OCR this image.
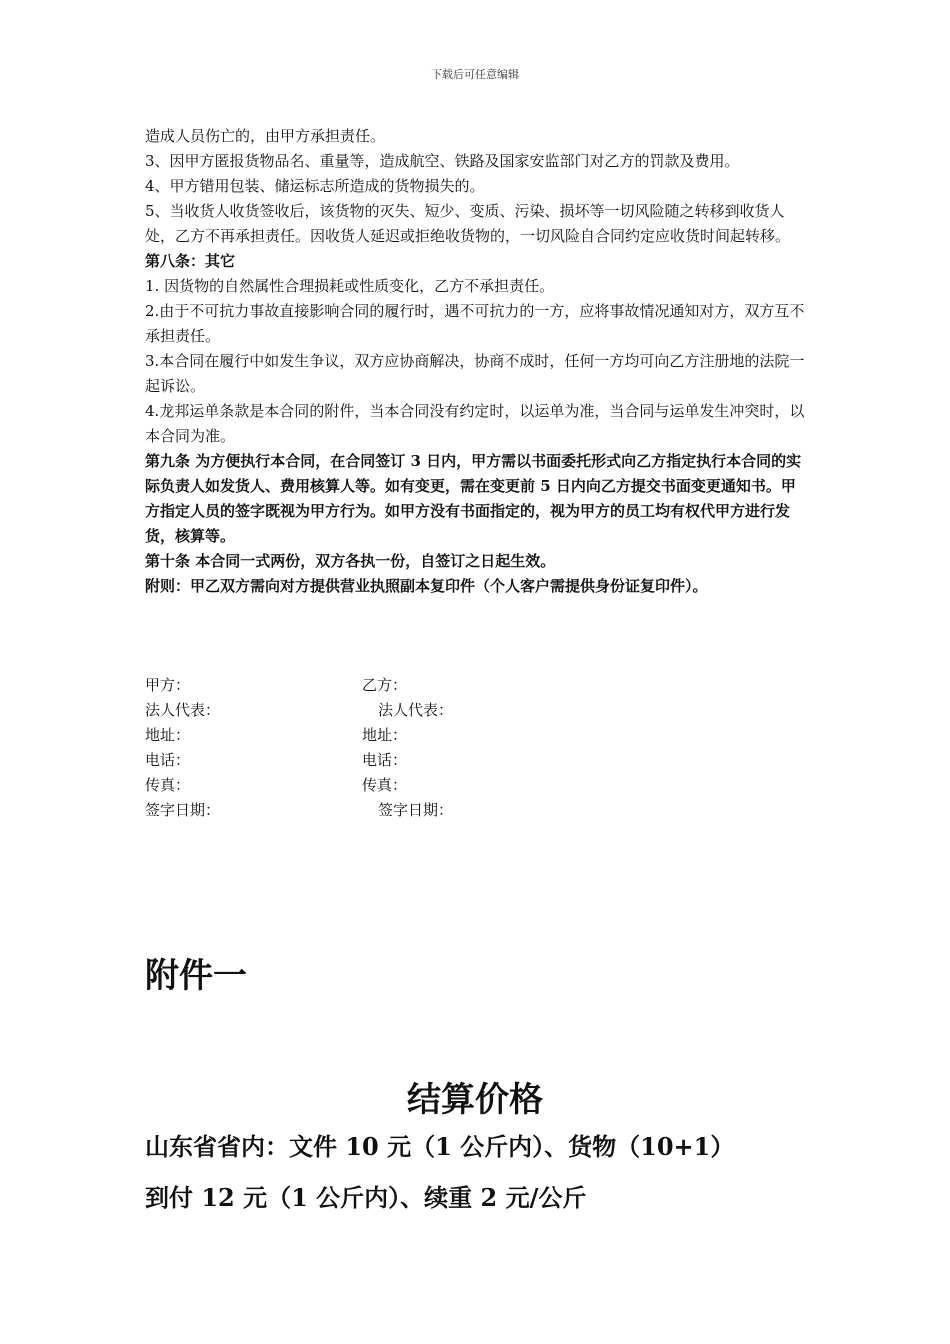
下载后可任意编辑

造成人员伤亡的，由甲方承担责任。

3、因甲方匿报货物品名、重量等，造成航空、铁路及国家安监部门对乙方的罚款及费用。

4、甲方错用包装、储运标志所造成的货物损失的。

5、当收货人收货签收后，该货物的灭失、短少、变质、污染、损坏等一切风险随之转移到收货人处，乙方不再承担责任。因收货人延迟或拒绝收货物的，一切风险自合同约定应收货时间起转移。

第八条：其它

1. 因货物的自然属性合理损耗或性质变化，乙方不承担责任。

2.由于不可抗力事故直接影响合同的履行时，遇不可抗力的一方，应将事故情况通知对方，双方互不承担责任。

3.本合同在履行中如发生争议，双方应协商解决，协商不成时，任何一方均可向乙方注册地的法院一起诉讼。

4.龙邦运单条款是本合同的附件，当本合同没有约定时，以运单为准，当合同与运单发生冲突时，以本合同为准。

第九条 为方便执行本合同，在合同签订 3 日内，甲方需以书面委托形式向乙方指定执行本合同的实际负责人如发货人、费用核算人等。如有变更，需在变更前 5 日内向乙方提交书面变更通知书。甲方指定人员的签字既视为甲方行为。如甲方没有书面指定的，视为甲方的员工均有权代甲方进行发货，核算等。

第十条 本合同一式两份，双方各执一份，自签订之日起生效。

附则：甲乙双方需向对方提供营业执照副本复印件（个人客户需提供身份证复印件）。

甲方：	乙方：
法人代表：	法人代表：
地址：	地址：
电话：	电话：
传真：	传真：
签字日期：	签字日期：
附件一
结算价格
山东省省内：文件 10 元（1 公斤内）、货物（10+1）
到付 12 元（1 公斤内）、续重 2 元/公斤
